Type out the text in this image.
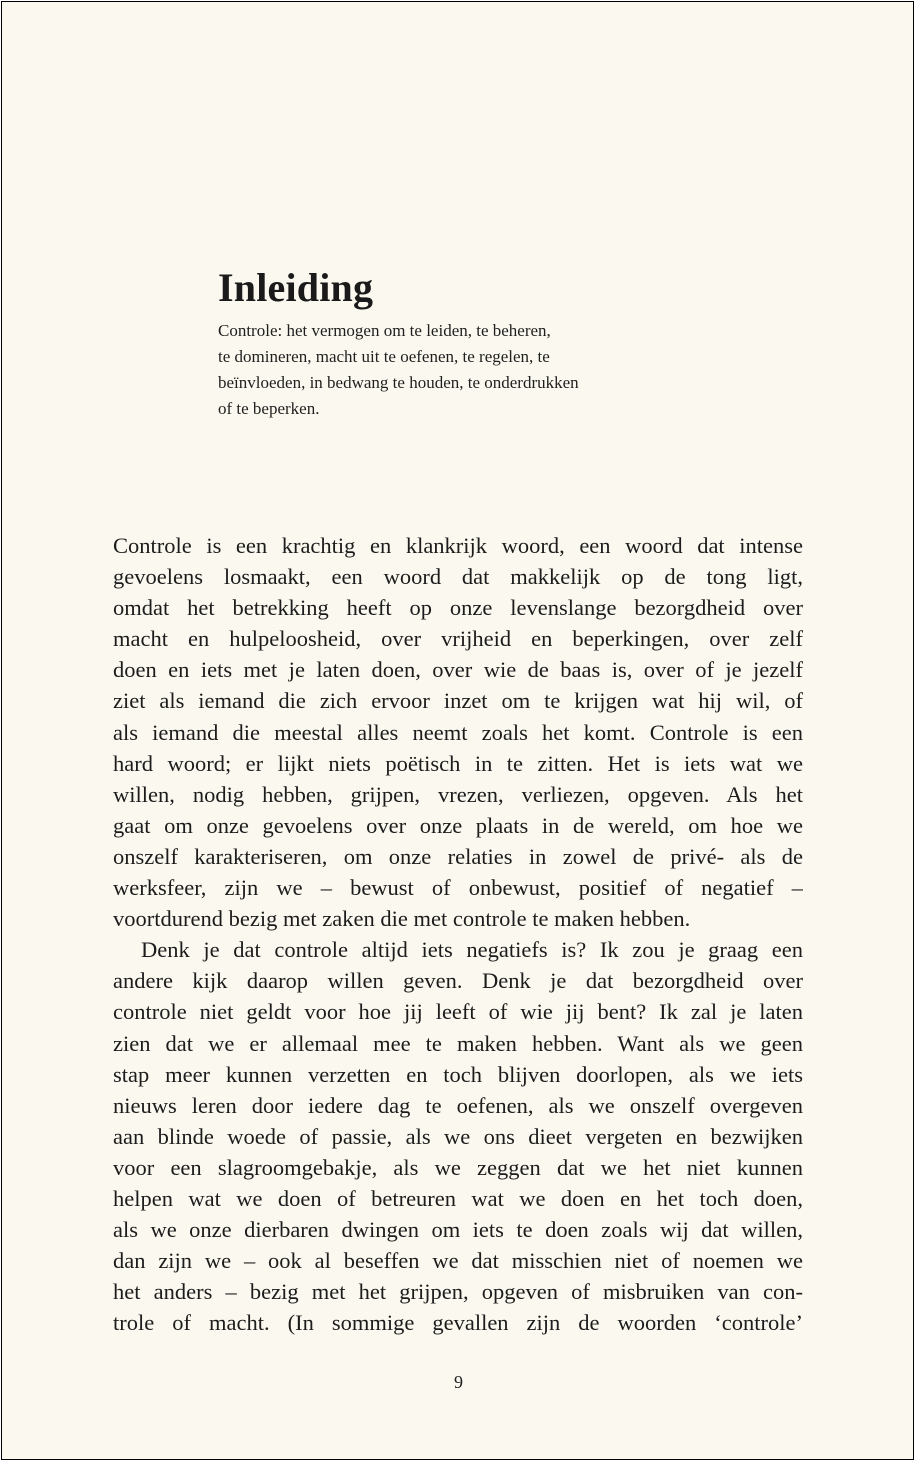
Inleiding
Controle: het vermogen om te leiden, te beheren,
te domineren, macht uit te oefenen, te regelen, te
beïnvloeden, in bedwang te houden, te onderdrukken
of te beperken.
Controle is een krachtig en klankrijk woord, een woord dat intense
gevoelens losmaakt, een woord dat makkelijk op de tong ligt,
omdat het betrekking heeft op onze levenslange bezorgdheid over
macht en hulpeloosheid, over vrijheid en beperkingen, over zelf
doen en iets met je laten doen, over wie de baas is, over of je jezelf
ziet als iemand die zich ervoor inzet om te krijgen wat hij wil, of
als iemand die meestal alles neemt zoals het komt. Controle is een
hard woord; er lijkt niets poëtisch in te zitten. Het is iets wat we
willen, nodig hebben, grijpen, vrezen, verliezen, opgeven. Als het
gaat om onze gevoelens over onze plaats in de wereld, om hoe we
onszelf karakteriseren, om onze relaties in zowel de privé- als de
werksfeer, zijn we – bewust of onbewust, positief of negatief –
voortdurend bezig met zaken die met controle te maken hebben.
Denk je dat controle altijd iets negatiefs is? Ik zou je graag een
andere kijk daarop willen geven. Denk je dat bezorgdheid over
controle niet geldt voor hoe jij leeft of wie jij bent? Ik zal je laten
zien dat we er allemaal mee te maken hebben. Want als we geen
stap meer kunnen verzetten en toch blijven doorlopen, als we iets
nieuws leren door iedere dag te oefenen, als we onszelf overgeven
aan blinde woede of passie, als we ons dieet vergeten en bezwijken
voor een slagroomgebakje, als we zeggen dat we het niet kunnen
helpen wat we doen of betreuren wat we doen en het toch doen,
als we onze dierbaren dwingen om iets te doen zoals wij dat willen,
dan zijn we – ook al beseffen we dat misschien niet of noemen we
het anders – bezig met het grijpen, opgeven of misbruiken van con-
trole of macht. (In sommige gevallen zijn de woorden ‘controle’
9
